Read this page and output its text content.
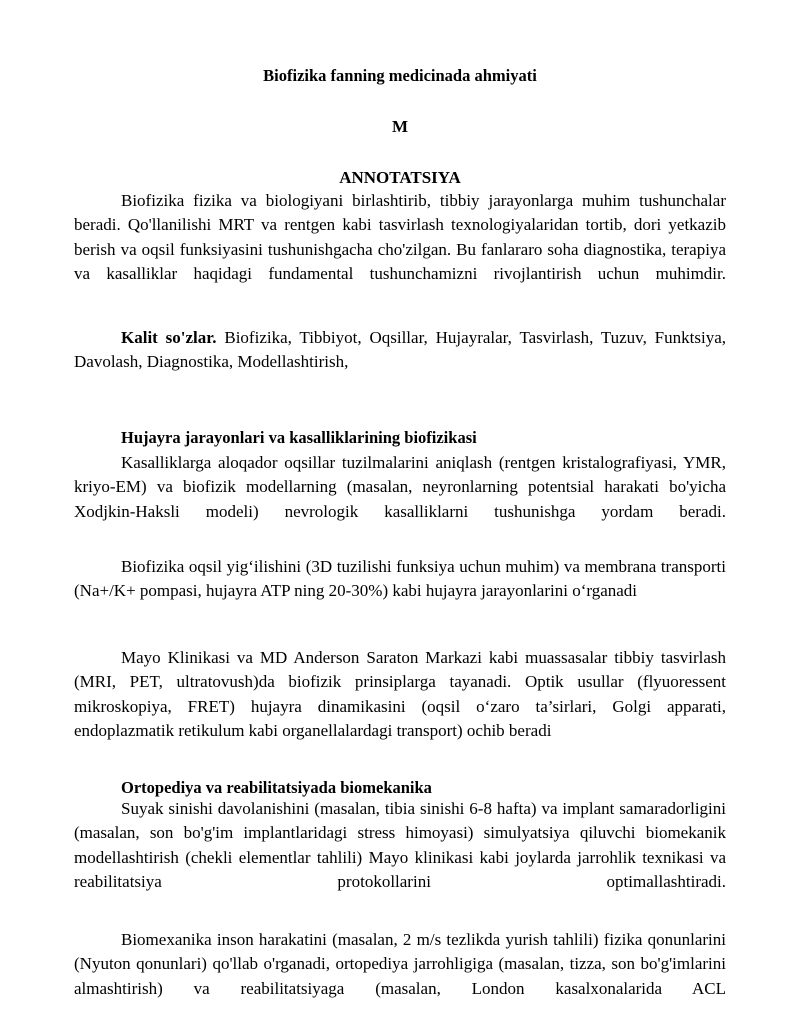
Biofizika fanning medicinada ahmiyati
M
ANNOTATSIYA
Biofizika fizika va biologiyani birlashtirib, tibbiy jarayonlarga muhim tushunchalar beradi. Qo'llanilishi MRT va rentgen kabi tasvirlash texnologiyalaridan tortib, dori yetkazib berish va oqsil funksiyasini tushunishgacha cho'zilgan. Bu fanlararo soha diagnostika, terapiya va kasalliklar haqidagi fundamental tushunchamizni rivojlantirish uchun muhimdir.
Kalit so'zlar. Biofizika, Tibbiyot, Oqsillar, Hujayralar, Tasvirlash, Tuzuv, Funktsiya, Davolash, Diagnostika, Modellashtirish,
Hujayra jarayonlari va kasalliklarining biofizikasi
Kasalliklarga aloqador oqsillar tuzilmalarini aniqlash (rentgen kristalografiyasi, YMR, kriyo-EM) va biofizik modellarning (masalan, neyronlarning potentsial harakati bo'yicha Xodjkin-Haksli modeli) nevrologik kasalliklarni tushunishga yordam beradi.
Biofizika oqsil yig‘ilishini (3D tuzilishi funksiya uchun muhim) va membrana transporti (Na+/K+ pompasi, hujayra ATP ning 20-30%) kabi hujayra jarayonlarini o‘rganadi
Mayo Klinikasi va MD Anderson Saraton Markazi kabi muassasalar tibbiy tasvirlash (MRI, PET, ultratovush)da biofizik prinsiplarga tayanadi. Optik usullar (flyuoressent mikroskopiya, FRET) hujayra dinamikasini (oqsil o‘zaro ta’sirlari, Golgi apparati, endoplazmatik retikulum kabi organellalardagi transport) ochib beradi
Ortopediya va reabilitatsiyada biomekanika
Suyak sinishi davolanishini (masalan, tibia sinishi 6-8 hafta) va implant samaradorligini (masalan, son bo'g'im implantlaridagi stress himoyasi) simulyatsiya qiluvchi biomekanik modellashtirish (chekli elementlar tahlili) Mayo klinikasi kabi joylarda jarrohlik texnikasi va reabilitatsiya protokollarini optimallashtiradi.
Biomexanika inson harakatini (masalan, 2 m/s tezlikda yurish tahlili) fizika qonunlarini (Nyuton qonunlari) qo'llab o'rganadi, ortopediya jarrohligiga (masalan, tizza, son bo'g'imlarini almashtirish) va reabilitatsiyaga (masalan, London kasalxonalarida ACL
